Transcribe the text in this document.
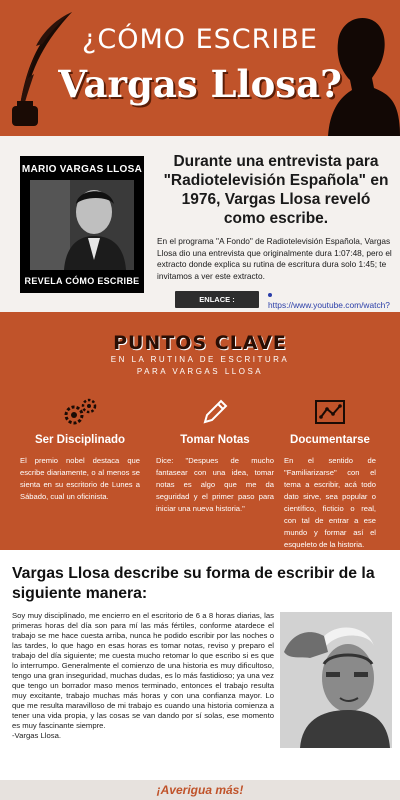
¿CÓMO ESCRIBE
Vargas Llosa?
MARIO VARGAS LLOSA
REVELA CÓMO ESCRIBE
Durante una entrevista para "Radiotelevisión Española" en 1976, Vargas Llosa reveló como escribe.
En el programa "A Fondo" de Radiotelevisión Española, Vargas Llosa dio una entrevista que originalmente dura 1:07:48, pero el extracto donde explica su rutina de escritura dura solo 1:45; te invitamos a ver este extracto.
ENLACE :
https://www.youtube.com/watch?
PUNTOS CLAVE
EN LA RUTINA DE ESCRITURA
PARA VARGAS LLOSA
Ser Disciplinado

El premio nobel destaca que escribe diariamente, o al menos se sienta en su escritorio de Lunes a Sábado, cual un oficinista.

Tomar Notas

Dice: "Despues de mucho fantasear con una idea, tomar notas es algo que me da seguridad y el primer paso para iniciar una nueva historia."

Documentarse

En el sentido de "Familiarizarse" con el tema a escribir, acá todo dato sirve, sea popular o científico, ficticio o real, con tal de entrar a ese mundo y formar así el esqueleto de la historia.

Vargas Llosa describe su forma de escribir de la siguiente manera:
Soy muy disciplinado, me encierro en el escritorio de 6 a 8 horas diarias, las primeras horas del día son para mí las más fértiles, conforme atardece el trabajo se me hace cuesta arriba, nunca he podido escribir por las noches o las tardes, lo que hago en esas horas es tomar notas, reviso y preparo el trabajo del día siguiente; me cuesta mucho retomar lo que escribo si es que lo interrumpo. Generalmente el comienzo de una historia es muy dificultoso, tengo una gran inseguridad, muchas dudas, es lo más fastidioso; ya una vez que tengo un borrador maso menos terminado, entonces el trabajo resulta muy excitante, trabajo muchas más horas y con una confianza mayor. Lo que me resulta maravilloso de mi trabajo es cuando una historia comienza a tener una vida propia, y las cosas se van dando por sí solas, ese momento es muy fascinante siempre.
-Vargas Llosa.
¡Averigua más!
